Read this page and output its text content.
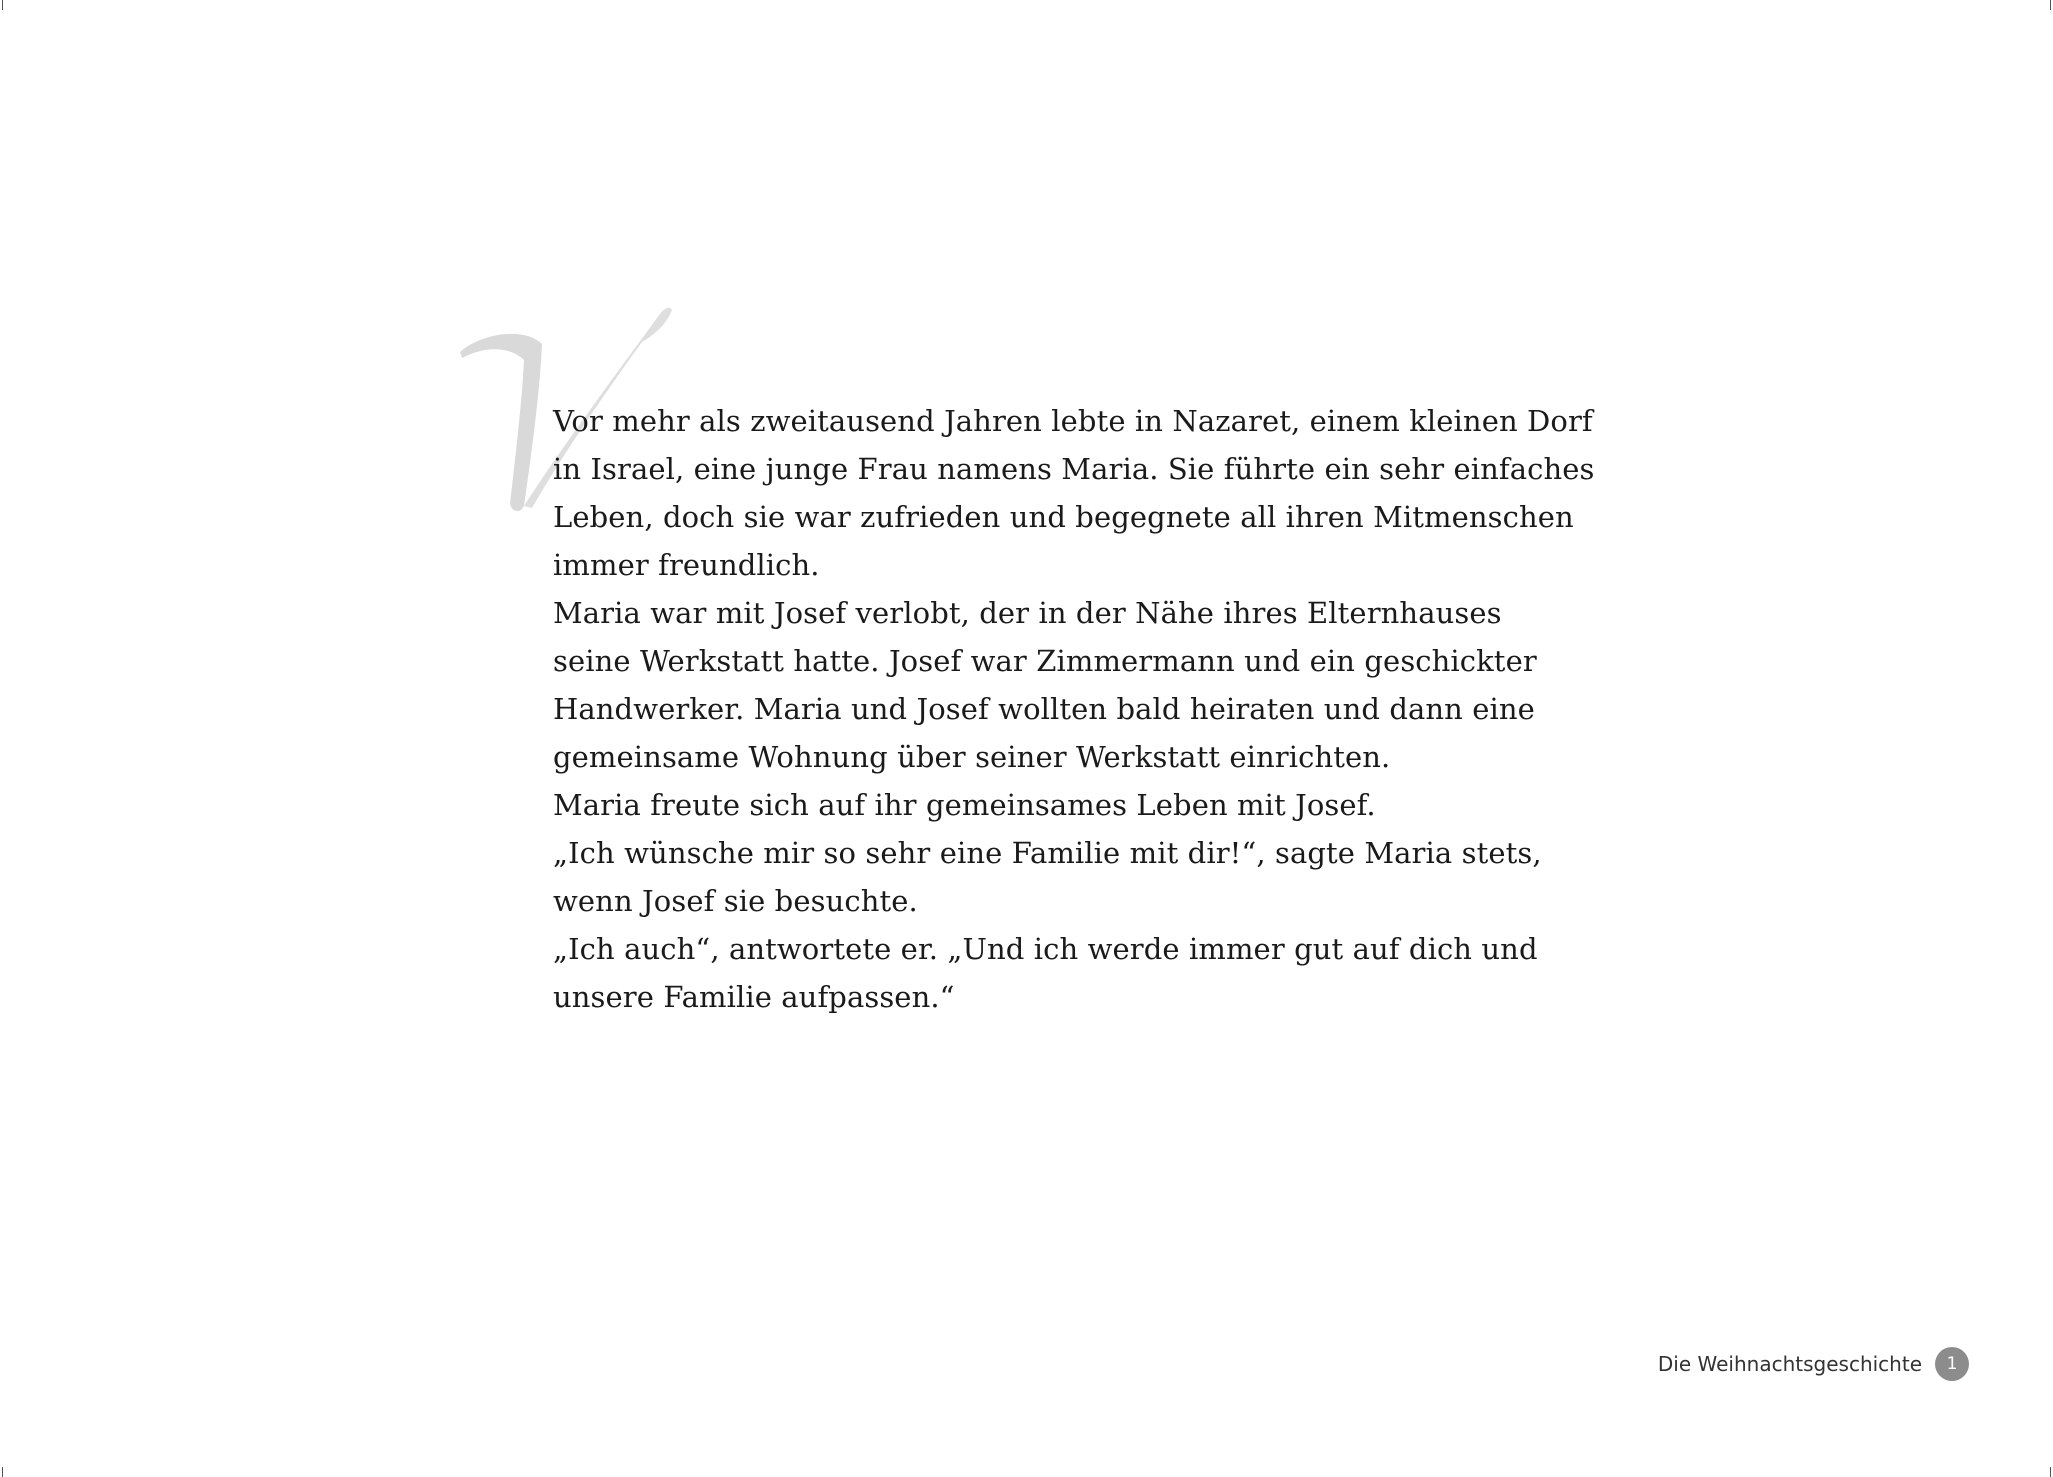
Vor mehr als zweitausend Jahren lebte in Nazaret, einem kleinen Dorf
in Israel, eine junge Frau namens Maria. Sie führte ein sehr einfaches
Leben, doch sie war zufrieden und begegnete all ihren Mitmenschen
immer freundlich.
Maria war mit Josef verlobt, der in der Nähe ihres Elternhauses
seine Werkstatt hatte. Josef war Zimmermann und ein geschickter
Handwerker. Maria und Josef wollten bald heiraten und dann eine
gemeinsame Wohnung über seiner Werkstatt einrichten.
Maria freute sich auf ihr gemeinsames Leben mit Josef.
„Ich wünsche mir so sehr eine Familie mit dir!“, sagte Maria stets,
wenn Josef sie besuchte.
„Ich auch“, antwortete er. „Und ich werde immer gut auf dich und
unsere Familie aufpassen.“
Die Weihnachtsgeschichte	1
